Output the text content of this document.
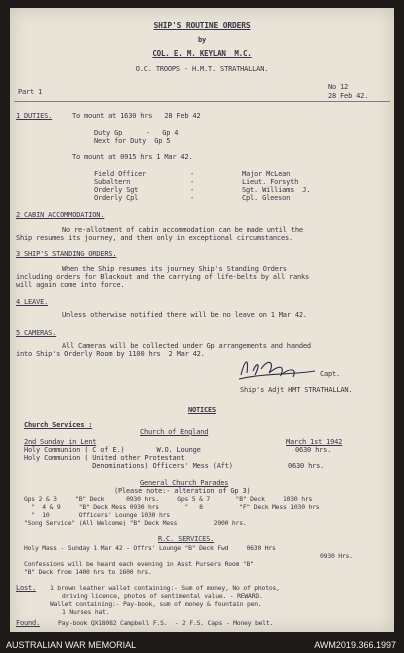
SHIP'S ROUTINE ORDERS
by
COL. E. M. KEYLAN  M.C.
O.C. TROOPS - H.M.T. STRATHALLAN.
Part 1
No 12
28 Feb 42.
1 DUTIES.	To mount at 1630 hrs   28 Feb 42
Duty Gp      -   Gp 4
Next for Duty  Gp 5
To mount at 0915 hrs 1 Mar 42.
Field Officer	-	Major McLean
Subaltern	-	Lieut. Forsyth
Orderly Sgt	-	Sgt. Williams  J.
Orderly Cpl	-	Cpl. Gleeson
2 CABIN ACCOMMODATION.
No re-allotment of cabin accommodation can be made until the
Ship resumes its journey, and then only in exceptional circumstances.
3 SHIP'S STANDING ORDERS.
When the Ship resumes its journey Ship's Standing Orders
including orders for Blackout and the carrying of life-belts by all ranks
will again come into force.
4 LEAVE.
Unless otherwise notified there will be no leave on 1 Mar 42.
5 CAMERAS.
All Cameras will be collected under Gp arrangements and handed
into Ship's Orderly Room by 1100 hrs  2 Mar 42.
Capt.
Ship's Adjt HMT STRATHALLAN.
NOTICES
Church Services :
Church of England
2nd Sunday in Lent	March 1st 1942
Holy Communion ( C of E.)        W.O. Lounge	0630 hrs.
Holy Communion ( United other Protestant
Denominations) Officers' Mess (Aft)	0630 hrs.
General Church Parades
(Please note:- alteration of Gp 3)
Gps 2 & 3     "B" Deck      0930 hrs.     Gps 5 & 7       "B" Deck     1030 hrs
"  4 & 9     "B" Deck Mess 0930 hrs       "   8          "F" Deck Mess 1030 hrs
"  10        Officers' Lounge 1030 hrs
"Song Service" (All Welcome) "B" Deck Mess          2000 hrs.
R.C. SERVICES.
Holy Mass - Sunday 1 Mar 42 - Offrs' Lounge "B" Deck Fwd     0630 Hrs
0930 Hrs.
Confessions will be heard each evening in Asst Pursers Room "B"
"B" Deck from 1400 hrs to 1600 hrs.
Lost. 1 brown leather wallet containing:- Sum of money, No of photos,
driving licence, photos of sentimental value. - REWARD.
Wallet containing:- Pay-book, sum of money & fountain pen.
1 Nurses hat.
Found.	Pay-book QX18082 Campbell F.S.  - 2 F.S. Caps - Money belt.
AUSTRALIAN WAR MEMORIAL	AWM2019.366.1997
